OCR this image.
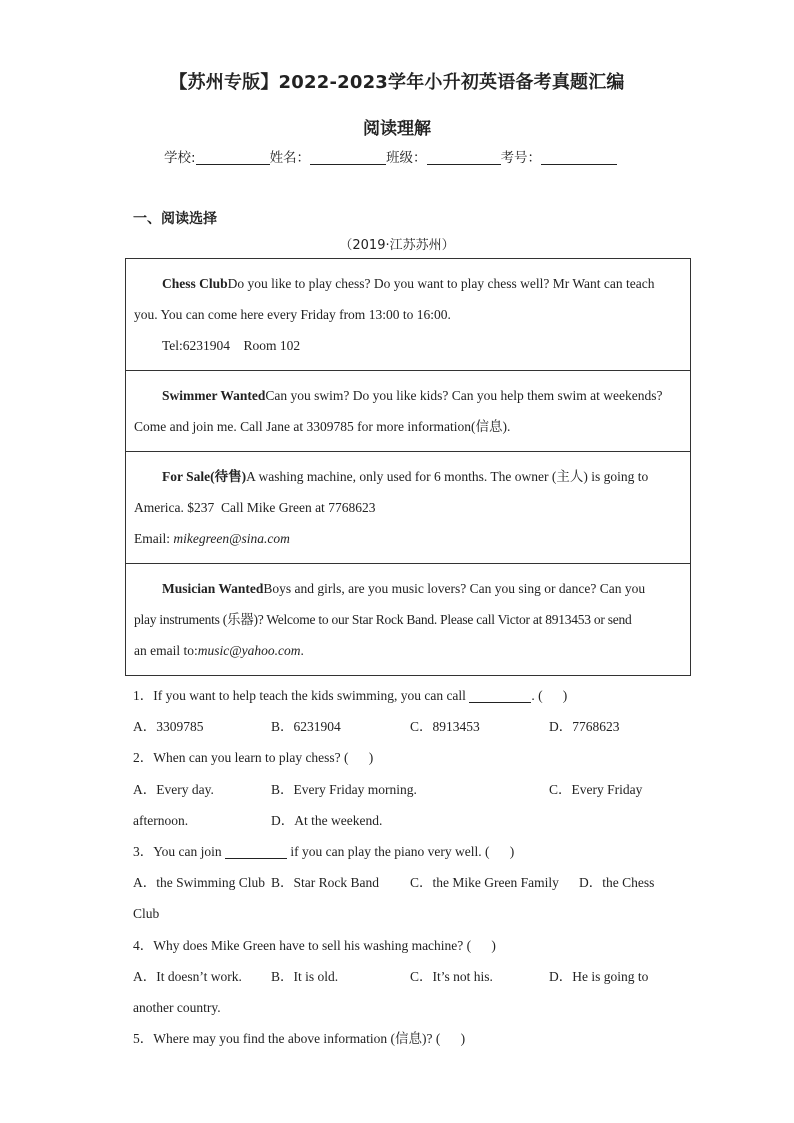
【苏州专版】2022-2023学年小升初英语备考真题汇编
阅读理解
学校:	姓名：	班级：	考号：
一、阅读选择
（2019·江苏苏州）

Chess ClubDo you like to play chess? Do you want to play chess well? Mr Want can teach

you. You can come here every Friday from 13:00 to 16:00.

Tel:6231904    Room 102

Swimmer WantedCan you swim? Do you like kids? Can you help them swim at weekends?

Come and join me. Call Jane at 3309785 for more information(信息).

For Sale(待售)A washing machine, only used for 6 months. The owner (主人) is going to

America. $237  Call Mike Green at 7768623

Email: mikegreen@sina.com

Musician WantedBoys and girls, are you music lovers? Can you sing or dance? Can you

play instruments (乐器)? Welcome to our Star Rock Band. Please call Victor at 8913453 or send

an email to:music@yahoo.com.

1．If you want to help teach the kids swimming, you can call	. (      )
A．3309785	B．6231904	C．8913453	D．7768623
2．When can you learn to play chess? (      )
A．Every day.	B．Every Friday morning.	C．Every Friday
afternoon.	D．At the weekend.
3．You can join	if you can play the piano very well. (      )
A．the Swimming Club B．Star Rock Band C．the Mike Green Family D．the Chess
Club
4．Why does Mike Green have to sell his washing machine? (      )
A．It doesn’t work. B．It is old.	C．It’s not his.	D．He is going to
another country.
5．Where may you find the above information (信息)? (      )
